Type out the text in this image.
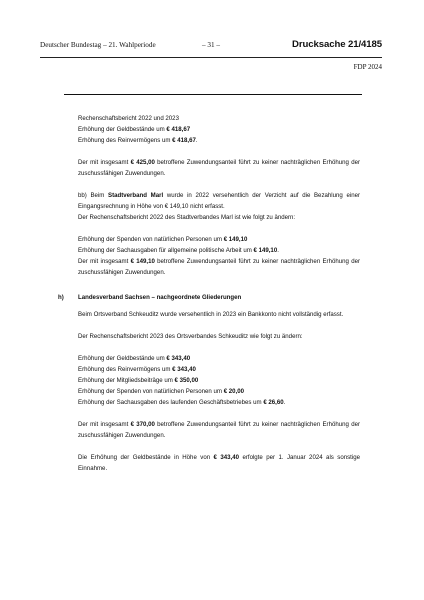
Deutscher Bundestag – 21. Wahlperiode	– 31 –	Drucksache 21/4185
FDP 2024

Rechenschaftsbericht 2022 und 2023

Erhöhung der Geldbestände um € 418,67

Erhöhung des Reinvermögens um € 418,67.

Der mit insgesamt € 425,00 betroffene Zuwendungsanteil führt zu keiner nachträglichen Erhöhung der

zuschussfähigen Zuwendungen.

bb) Beim Stadtverband Marl wurde in 2022 versehentlich der Verzicht auf die Bezahlung einer

Eingangsrechnung in Höhe von € 149,10 nicht erfasst.

Der Rechenschaftsbericht 2022 des Stadtverbandes Marl ist wie folgt zu ändern:

Erhöhung der Spenden von natürlichen Personen um € 149,10

Erhöhung der Sachausgaben für allgemeine politische Arbeit um € 149,10.

Der mit insgesamt € 149,10 betroffene Zuwendungsanteil führt zu keiner nachträglichen Erhöhung der

zuschussfähigen Zuwendungen.

h) Landesverband Sachsen – nachgeordnete Gliederungen

Beim Ortsverband Schkeuditz wurde versehentlich in 2023 ein Bankkonto nicht vollständig erfasst.

Der Rechenschaftsbericht 2023 des Ortsverbandes Schkeuditz wie folgt zu ändern:

Erhöhung der Geldbestände um € 343,40

Erhöhung des Reinvermögens um € 343,40

Erhöhung der Mitgliedsbeiträge um € 350,00

Erhöhung der Spenden von natürlichen Personen um € 20,00

Erhöhung der Sachausgaben des laufenden Geschäftsbetriebes um € 26,60.

Der mit insgesamt € 370,00 betroffene Zuwendungsanteil führt zu keiner nachträglichen Erhöhung der

zuschussfähigen Zuwendungen.

Die Erhöhung der Geldbestände in Höhe von € 343,40 erfolgte per 1. Januar 2024 als sonstige

Einnahme.
